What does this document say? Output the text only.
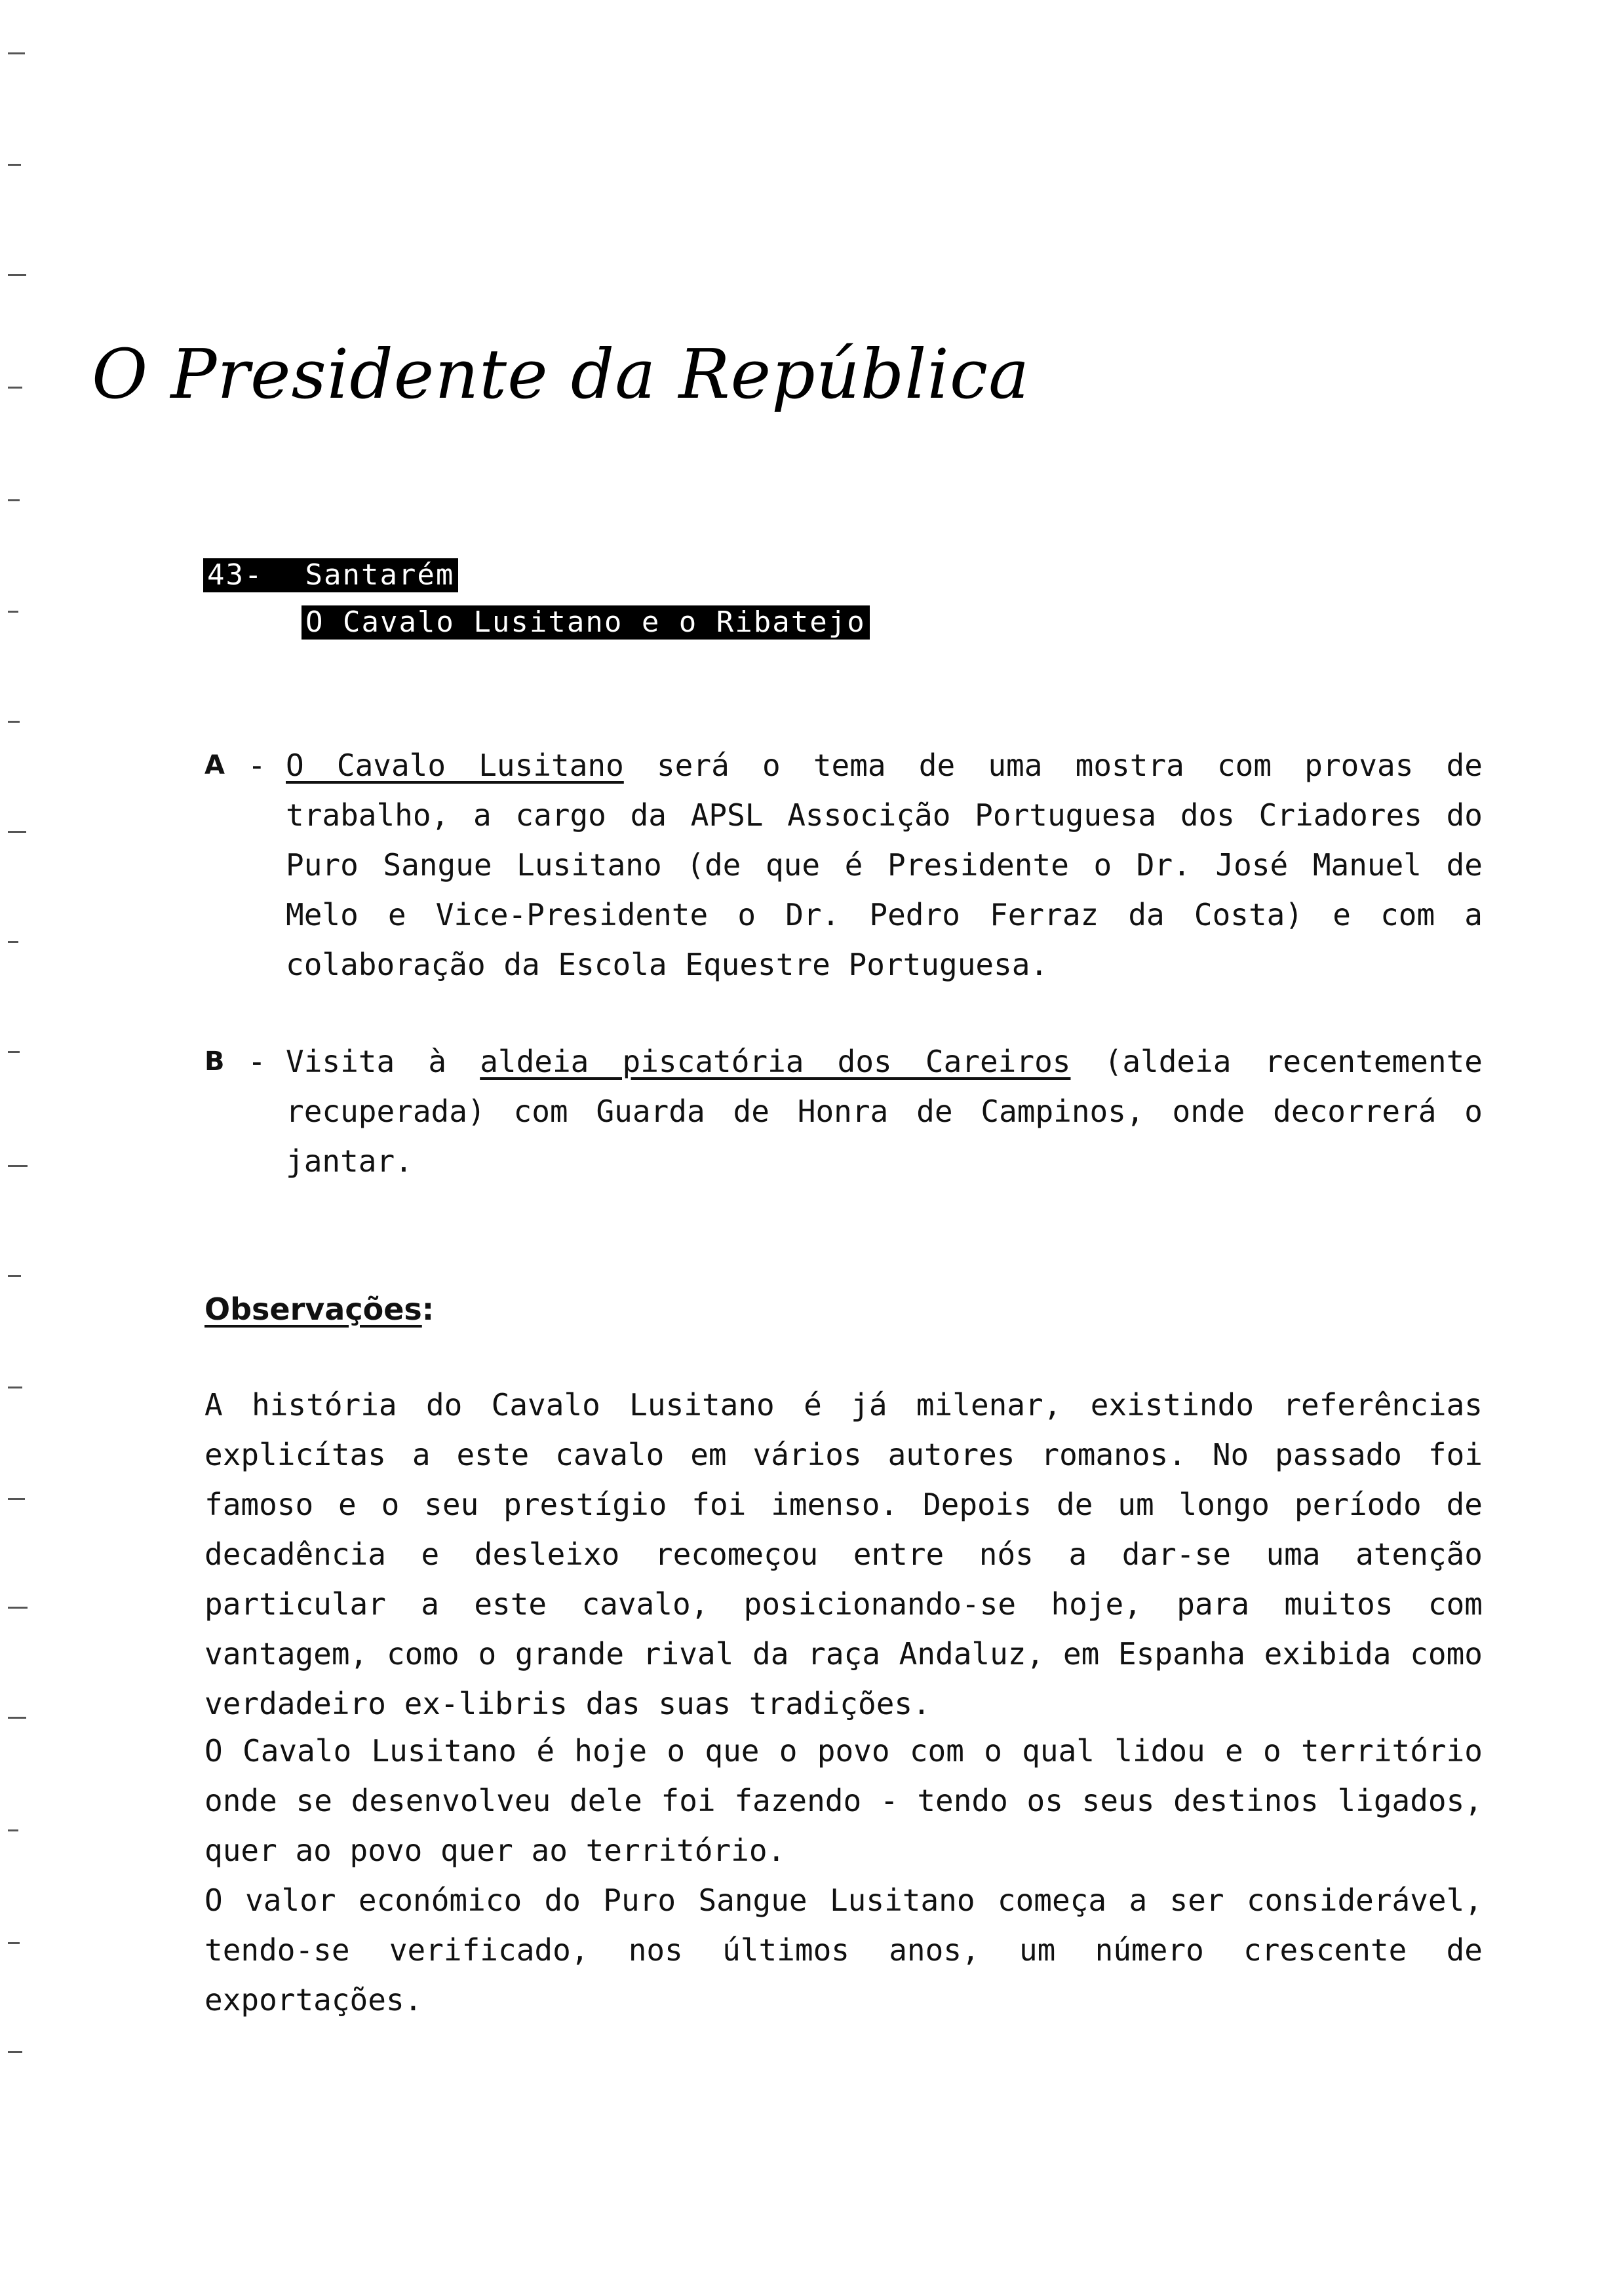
O Presidente da República
43- Santarém
O Cavalo Lusitano e o Ribatejo
A - O Cavalo Lusitano será o tema de uma mostra com provas de trabalho, a cargo da APSL Associção Portuguesa dos Criadores do Puro Sangue Lusitano (de que é Presidente o Dr. José Manuel de Melo e Vice-Presidente o Dr. Pedro Ferraz da Costa) e com a colaboração da Escola Equestre Portuguesa.
B - Visita à aldeia piscatória dos Careiros (aldeia recentemente recuperada) com Guarda de Honra de Campinos, onde decorrerá o jantar.
Observações:
A história do Cavalo Lusitano é já milenar, existindo referências explicítas a este cavalo em vários autores romanos. No passado foi famoso e o seu prestígio foi imenso. Depois de um longo período de decadência e desleixo recomeçou entre nós a dar-se uma atenção particular a este cavalo, posicionando-se hoje, para muitos com vantagem, como o grande rival da raça Andaluz, em Espanha exibida como verdadeiro ex-libris das suas tradições.
O Cavalo Lusitano é hoje o que o povo com o qual lidou e o território onde se desenvolveu dele foi fazendo - tendo os seus destinos ligados, quer ao povo quer ao território.
O valor económico do Puro Sangue Lusitano começa a ser considerável, tendo-se verificado, nos últimos anos, um número crescente de exportações.
